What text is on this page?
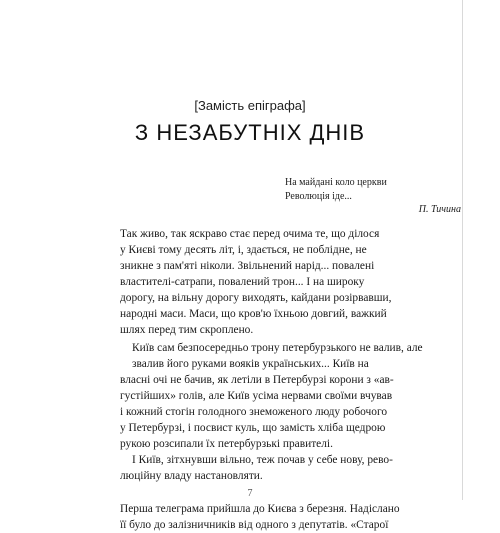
[Замість епіграфа]
З НЕЗАБУТНІХ ДНІВ
На майдані коло церкви
Революція іде...
П. Тичина

Так живо, так яскраво стає перед очима те, що ділося
у Києві тому десять літ, і, здається, не поблідне, не
зникне з пам'яті ніколи. Звільнений нарід... повалені
властителі-сатрапи, повалений трон... І на широку
дорогу, на вільну дорогу виходять, кайдани розірвавши,
народні маси. Маси, що кров'ю їхньою довгий, важкий
шлях перед тим скроплено.

Київ сам безпосередньо трону петербурзького не валив, але звалив його руками вояків українських... Київ на
власні очі не бачив, як летіли в Петербурзі корони з «ав-
густійших» голів, але Київ усіма нервами своїми вчував
і кожний стогін голодного знеможеного люду робочого
у Петербурзі, і посвист куль, що замість хліба щедрою
рукою розсипали їх петербурзькі правителі.

І Київ, зітхнувши вільно, теж почав у себе нову, рево-
люційну владу настановляти.

Перша телеграма прийшла до Києва з березня. Надіслано
її було до залізничників від одного з депутатів. «Старої

7
